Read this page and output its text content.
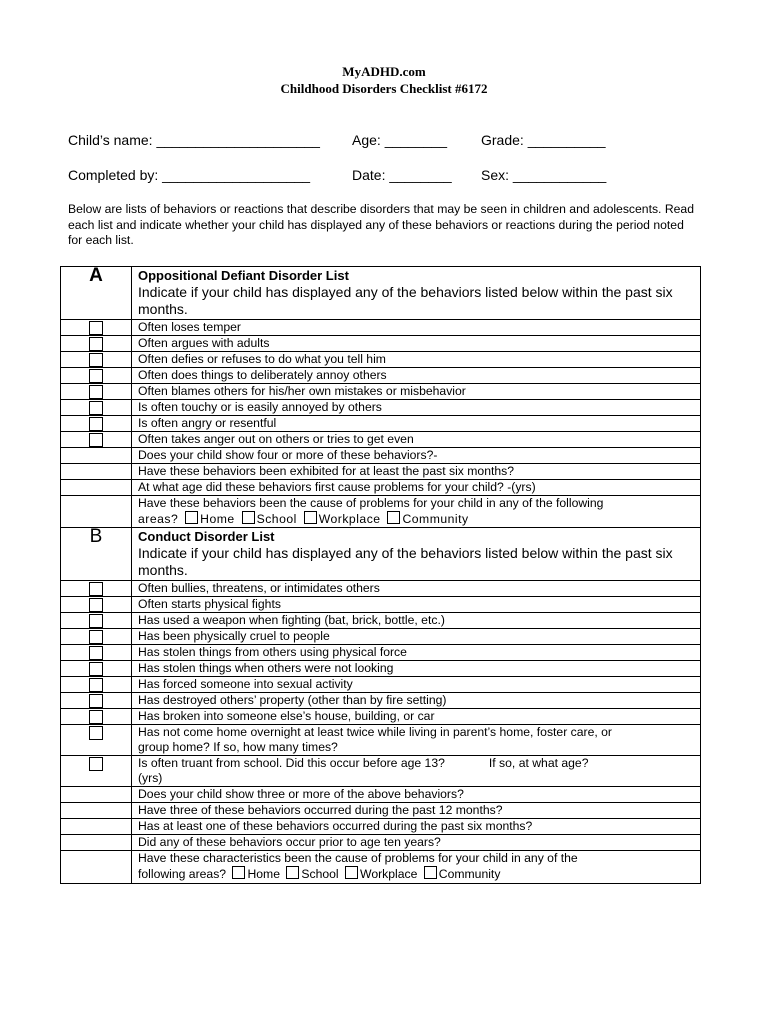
MyADHD.com
Childhood Disorders Checklist #6172
Child’s name: _____________________ Age: ________ Grade: __________
Completed by: ___________________	Date: ________ Sex: ____________
Below are lists of behaviors or reactions that describe disorders that may be seen in children and adolescents. Read each list and indicate whether your child has displayed any of these behaviors or reactions during the period noted for each list.
A	Oppositional Defiant Disorder List
Indicate if your child has displayed any of the behaviors listed below within the past six months.

	Often loses temper
	Often argues with adults
	Often defies or refuses to do what you tell him
	Often does things to deliberately annoy others
	Often blames others for his/her own mistakes or misbehavior
	Is often touchy or is easily annoyed by others
	Is often angry or resentful
	Often takes anger out on others or tries to get even
	Does your child show four or more of these behaviors?-
	Have these behaviors been exhibited for at least the past six months?
	At what age did these behaviors first cause problems for your child? -(yrs)

	Have these behaviors been the cause of problems for your child in any of the following
areas? Home School Workplace Community

B	Conduct Disorder List
Indicate if your child has displayed any of the behaviors listed below within the past six months.

	Often bullies, threatens, or intimidates others
	Often starts physical fights
	Has used a weapon when fighting (bat, brick, bottle, etc.)
	Has been physically cruel to people
	Has stolen things from others using physical force
	Has stolen things when others were not looking
	Has forced someone into sexual activity
	Has destroyed others’ property (other than by fire setting)
	Has broken into someone else’s house, building, or car

	Has not come home overnight at least twice while living in parent’s home, foster care, or
group home? If so, how many times?

	Is often truant from school. Did this occur before age 13? If so, at what age?
(yrs)

	Does your child show three or more of the above behaviors?
	Have three of these behaviors occurred during the past 12 months?
	Has at least one of these behaviors occurred during the past six months?
	Did any of these behaviors occur prior to age ten years?

	Have these characteristics been the cause of problems for your child in any of the
following areas? Home School Workplace Community
